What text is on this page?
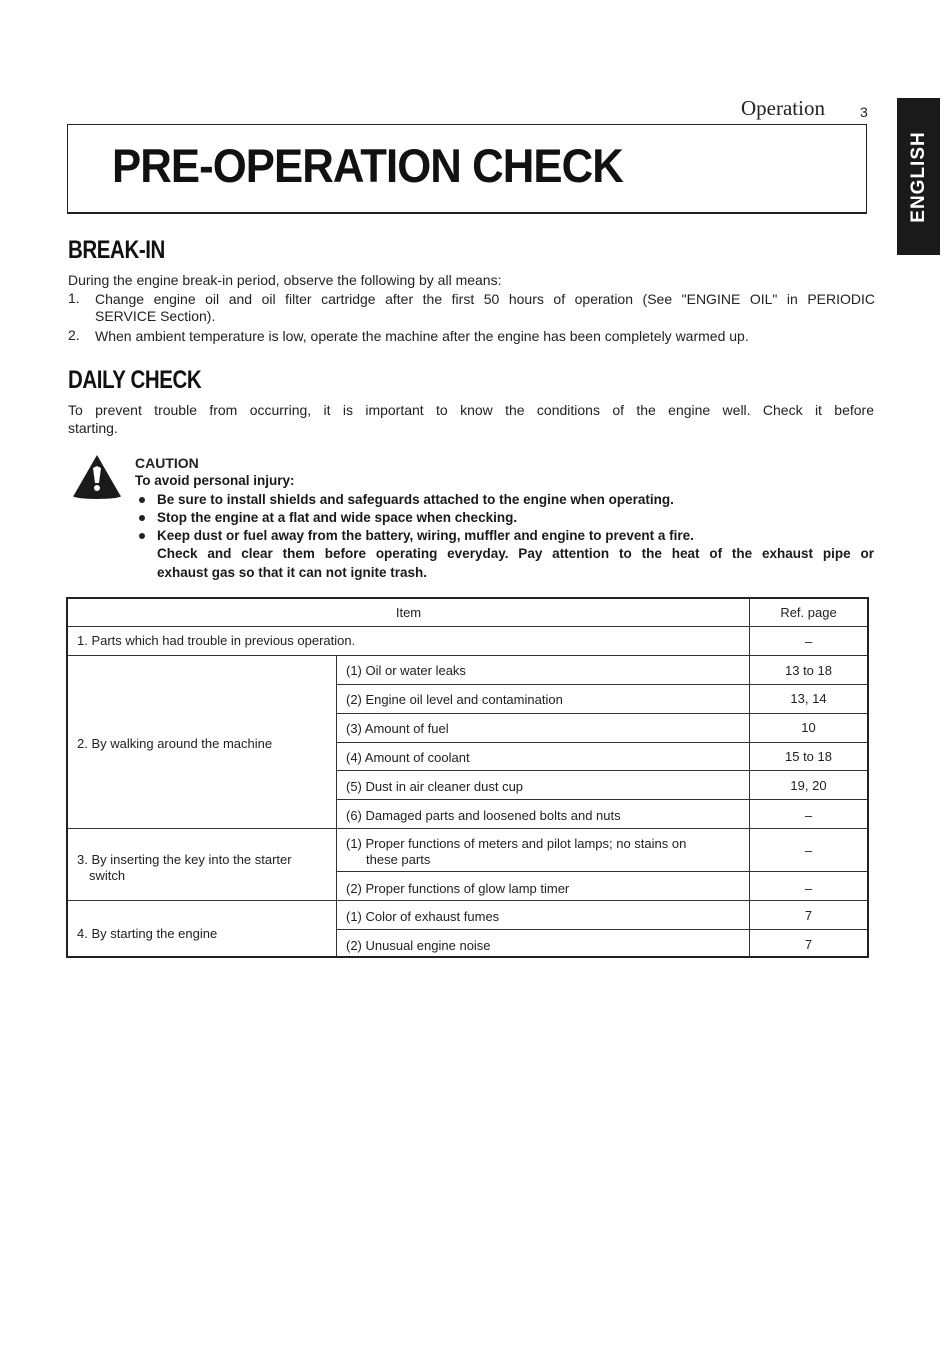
Operation	3
ENGLISH
PRE-OPERATION CHECK
BREAK-IN
During the engine break-in period, observe the following by all means:
1. Change engine oil and oil filter cartridge after the first 50 hours of operation (See "ENGINE OIL" in PERIODIC
SERVICE Section).
2. When ambient temperature is low, operate the machine after the engine has been completely warmed up.
DAILY CHECK
To prevent trouble from occurring, it is important to know the conditions of the engine well. Check it before
starting.
CAUTION
To avoid personal injury:
Be sure to install shields and safeguards attached to the engine when operating.
Stop the engine at a flat and wide space when checking.
Keep dust or fuel away from the battery, wiring, muffler and engine to prevent a fire.
Check and clear them before operating everyday. Pay attention to the heat of the exhaust pipe or
exhaust gas so that it can not ignite trash.
Item	Ref. page
1. Parts which had trouble in previous operation.	–
2. By walking around the machine
(1) Oil or water leaks	13 to 18
(2) Engine oil level and contamination	13, 14
(3) Amount of fuel	10
(4) Amount of coolant	15 to 18
(5) Dust in air cleaner dust cup	19, 20
(6) Damaged parts and loosened bolts and nuts	–
3. By inserting the key into the starter
switch
(1) Proper functions of meters and pilot lamps; no stains on
these parts
–
(2) Proper functions of glow lamp timer	–
4. By starting the engine
(1) Color of exhaust fumes	7
(2) Unusual engine noise	7
